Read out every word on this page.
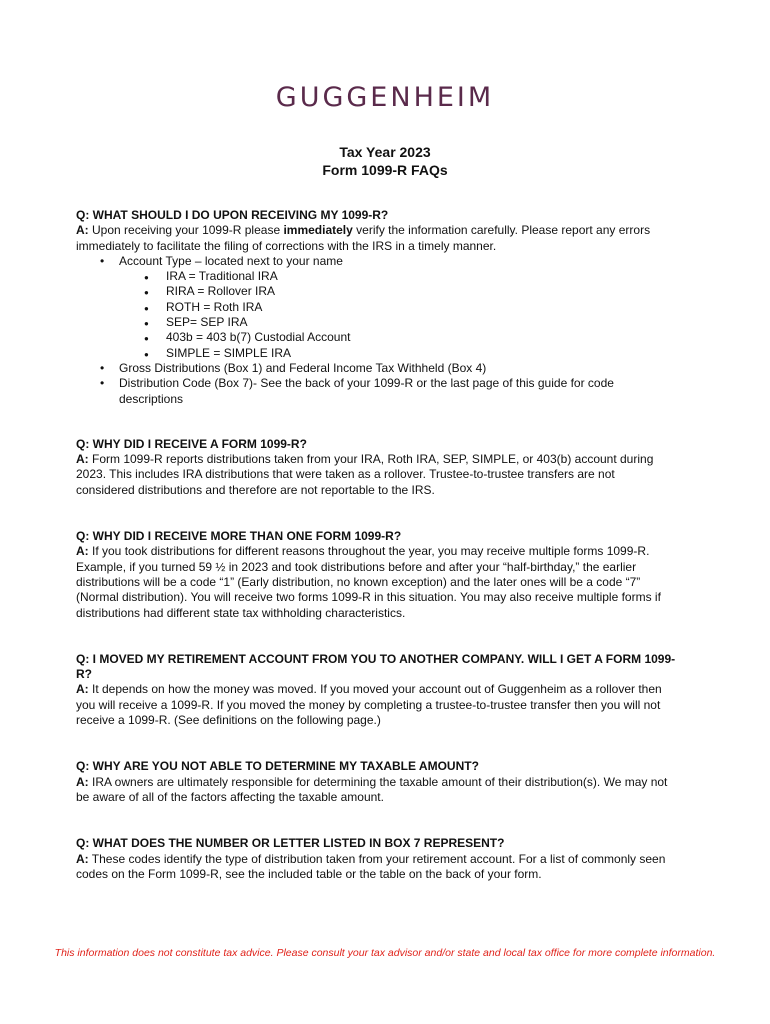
GUGGENHEIM
Tax Year 2023
Form 1099-R FAQs
Q: WHAT SHOULD I DO UPON RECEIVING MY 1099-R?
A: Upon receiving your 1099-R please immediately verify the information carefully. Please report any errors immediately to facilitate the filing of corrections with the IRS in a timely manner.
• Account Type – located next to your name
● IRA = Traditional IRA
● RIRA = Rollover IRA
● ROTH = Roth IRA
● SEP= SEP IRA
● 403b = 403 b(7) Custodial Account
● SIMPLE = SIMPLE IRA
• Gross Distributions (Box 1) and Federal Income Tax Withheld (Box 4)
• Distribution Code (Box 7)- See the back of your 1099-R or the last page of this guide for code descriptions
Q: WHY DID I RECEIVE A FORM 1099-R?
A: Form 1099-R reports distributions taken from your IRA, Roth IRA, SEP, SIMPLE, or 403(b) account during 2023. This includes IRA distributions that were taken as a rollover. Trustee-to-trustee transfers are not considered distributions and therefore are not reportable to the IRS.
Q: WHY DID I RECEIVE MORE THAN ONE FORM 1099-R?
A: If you took distributions for different reasons throughout the year, you may receive multiple forms 1099-R. Example, if you turned 59 ½ in 2023 and took distributions before and after your “half-birthday,” the earlier distributions will be a code “1” (Early distribution, no known exception) and the later ones will be a code “7” (Normal distribution). You will receive two forms 1099-R in this situation. You may also receive multiple forms if distributions had different state tax withholding characteristics.
Q: I MOVED MY RETIREMENT ACCOUNT FROM YOU TO ANOTHER COMPANY. WILL I GET A FORM 1099-R?
A: It depends on how the money was moved. If you moved your account out of Guggenheim as a rollover then you will receive a 1099-R. If you moved the money by completing a trustee-to-trustee transfer then you will not receive a 1099-R. (See definitions on the following page.)
Q: WHY ARE YOU NOT ABLE TO DETERMINE MY TAXABLE AMOUNT?
A: IRA owners are ultimately responsible for determining the taxable amount of their distribution(s). We may not be aware of all of the factors affecting the taxable amount.
Q: WHAT DOES THE NUMBER OR LETTER LISTED IN BOX 7 REPRESENT?
A: These codes identify the type of distribution taken from your retirement account. For a list of commonly seen codes on the Form 1099-R, see the included table or the table on the back of your form.
This information does not constitute tax advice. Please consult your tax advisor and/or state and local tax office for more complete information.
